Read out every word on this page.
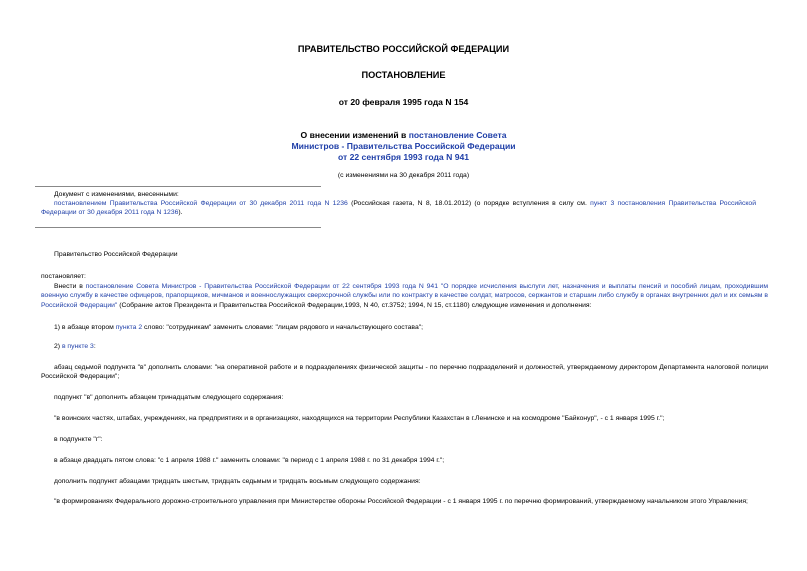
ПРАВИТЕЛЬСТВО РОССИЙСКОЙ ФЕДЕРАЦИИ
ПОСТАНОВЛЕНИЕ
от 20 февраля 1995 года N 154
О внесении изменений в постановление Совета
Министров - Правительства Российской Федерации
от 22 сентября 1993 года N 941
(с изменениями на 30 декабря 2011 года)
Документ с изменениями, внесенными:
постановлением Правительства Российской Федерации от 30 декабря 2011 года N 1236 (Российская газета, N 8, 18.01.2012) (о порядке вступления в силу см. пункт 3 постановления Правительства Российской Федерации от 30 декабря 2011 года N 1236).
Правительство Российской Федерации
постановляет:
Внести в постановление Совета Министров - Правительства Российской Федерации от 22 сентября 1993 года N 941 "О порядке исчисления выслуги лет, назначения и выплаты пенсий и пособий лицам, проходившим военную службу в качестве офицеров, прапорщиков, мичманов и военнослужащих сверхсрочной службы или по контракту в качестве солдат, матросов, сержантов и старшин либо службу в органах внутренних дел и их семьям в Российской Федерации" (Собрание актов Президента и Правительства Российской Федерации,1993, N 40, ст.3752; 1994, N 15, ст.1180) следующие изменения и дополнения:
1) в абзаце втором пункта 2 слово: "сотрудникам" заменить словами: "лицам рядового и начальствующего состава";
2) в пункте 3:
абзац седьмой подпункта "в" дополнить словами: "на оперативной работе и в подразделениях физической защиты - по перечню подразделений и должностей, утверждаемому директором Департамента налоговой полиции Российской Федерации";
подпункт "в" дополнить абзацем тринадцатым следующего содержания:
"в воинских частях, штабах, учреждениях, на предприятиях и в организациях, находящихся на территории Республики Казахстан в г.Ленинске и на космодроме "Байконур", - с 1 января 1995 г.";
в подпункте "г":
в абзаце двадцать пятом слова: "с 1 апреля 1988 г." заменить словами: "в период с 1 апреля 1988 г. по 31 декабря 1994 г.";
дополнить подпункт абзацами тридцать шестым, тридцать седьмым и тридцать восьмым следующего содержания:
"в формированиях Федерального дорожно-строительного управления при Министерстве обороны Российской Федерации - с 1 января 1995 г. по перечню формирований, утверждаемому начальником этого Управления;
